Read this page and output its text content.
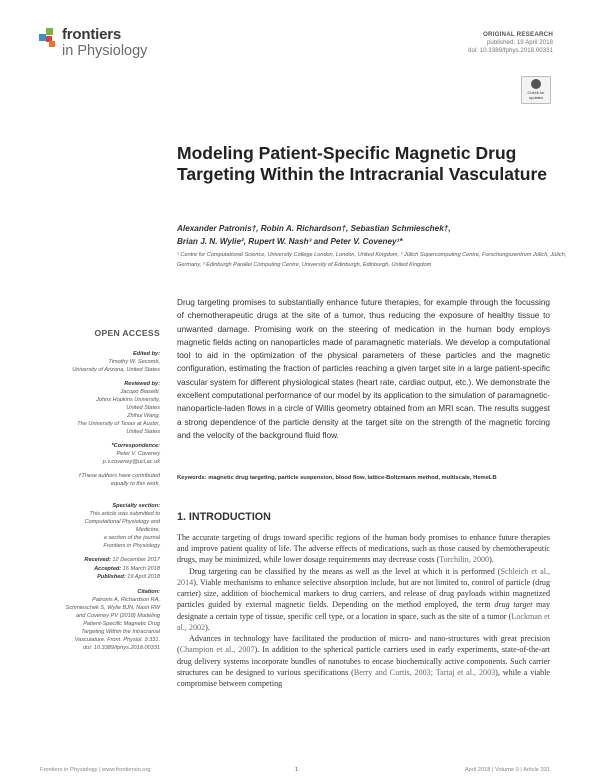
frontiers
in Physiology
ORIGINAL RESEARCH
published: 19 April 2018
doi: 10.3389/fphys.2018.00331
Check for updates
Modeling Patient-Specific Magnetic Drug Targeting Within the Intracranial Vasculature
Alexander Patronis†, Robin A. Richardson†, Sebastian Schmieschek†,
Brian J. N. Wylie², Rupert W. Nash³ and Peter V. Coveney¹*
¹ Centre for Computational Science, University College London, London, United Kingdom, ² Jülich Supercomputing Centre, Forschungszentrum Jülich, Jülich, Germany, ³ Edinburgh Parallel Computing Centre, University of Edinburgh, Edinburgh, United Kingdom

Drug targeting promises to substantially enhance future therapies, for example through the focussing of chemotherapeutic drugs at the site of a tumor, thus reducing the exposure of healthy tissue to unwanted damage. Promising work on the steering of medication in the human body employs magnetic fields acting on nanoparticles made of paramagnetic materials. We develop a computational tool to aid in the optimization of the physical parameters of these particles and the magnetic configuration, estimating the fraction of particles reaching a given target site in a large patient-specific vascular system for different physiological states (heart rate, cardiac output, etc.). We demonstrate the excellent computational performance of our model by its application to the simulation of paramagnetic-nanoparticle-laden flows in a circle of Willis geometry obtained from an MRI scan. The results suggest a strong dependence of the particle density at the target site on the strength of the magnetic forcing and the velocity of the background fluid flow.

Keywords: magnetic drug targeting, particle suspension, blood flow, lattice-Boltzmann method, multiscale, HemeLB
OPEN ACCESS
Edited by:
Timothy W. Secomb,
University of Arizona, United States
Reviewed by:
Jacopo Biasetti,
Johns Hopkins University,
United States
Zhihui Wang,
The University of Texas at Austin,
United States
*Correspondence:
Peter V. Coveney
p.v.coveney@ucl.ac.uk
†These authors have contributed
equally to this work.
Specialty section:
This article was submitted to
Computational Physiology and
Medicine,
a section of the journal
Frontiers in Physiology
Received: 12 December 2017
Accepted: 16 March 2018
Published: 19 April 2018
Citation:
Patronis A, Richardson RA,
Schmieschek S, Wylie BJN, Nash RW
and Coveney PV (2018) Modeling
Patient-Specific Magnetic Drug
Targeting Within the Intracranial
Vasculature. Front. Physiol. 9:331.
doi: 10.3389/fphys.2018.00331
1. INTRODUCTION

The accurate targeting of drugs toward specific regions of the human body promises to enhance future therapies and improve patient quality of life. The adverse effects of medications, such as those caused by chemotherapeutic drugs, may be minimized, while lower dosage requirements may decrease costs (Torchilin, 2000).

Drug targeting can be classified by the means as well as the level at which it is performed (Schleich et al., 2014). Viable mechanisms to enhance selective absorption include, but are not limited to, control of particle (drug carrier) size, addition of biochemical markers to drug carriers, and release of drug payloads within magnetized particles guided by external magnetic fields. Depending on the method employed, the term drug target may designate a certain type of tissue, specific cell type, or a location in space, such as the site of a tumor (Lockman et al., 2002).

Advances in technology have facilitated the production of micro- and nano-structures with great precision (Champion et al., 2007). In addition to the spherical particle carriers used in early experiments, state-of-the-art drug delivery systems incorporate bundles of nanotubes to encase biochemically active components. Such carrier structures can be designed to various specifications (Berry and Curtis, 2003; Tartaj et al., 2003), while a viable compromise between competing

Frontiers in Physiology | www.frontiersin.org	1	April 2018 | Volume 9 | Article 331
